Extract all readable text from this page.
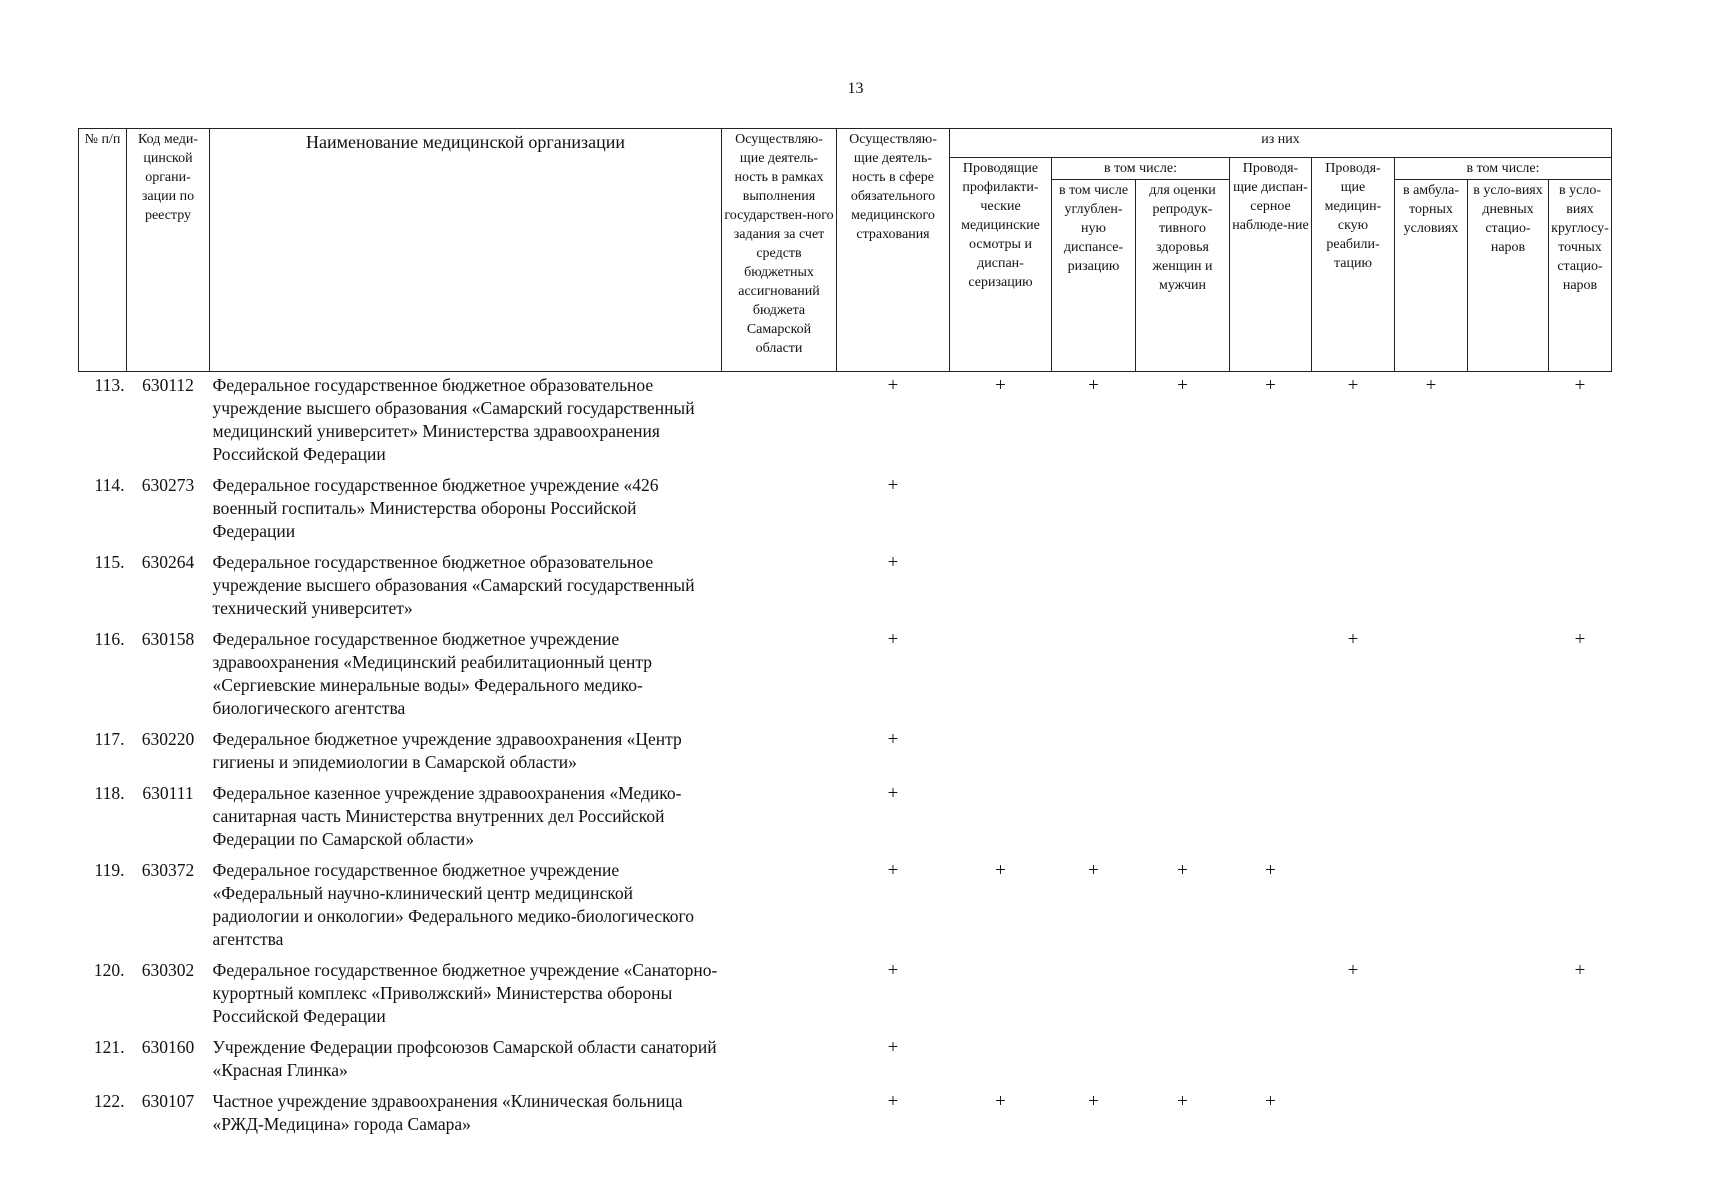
13
№ п/п	Код меди-цинской органи-зации по реестру	Наименование медицинской организации	Осуществляю-щие деятель-ность в рамках выполнения государствен-ного задания за счет средств бюджетных ассигнований бюджета Самарской области	Осуществляю-щие деятель-ность в сфере обязательного медицинского страхования	из них							
					Проводящие профилакти-ческие медицинские осмотры и диспан-серизацию	в том числе:		Проводя-щие диспан-серное наблюде-ние	Проводя-щие медицин-скую реабили-тацию	в том числе:		
						в том числе углублен-ную диспансе-ризацию	для оценки репродук-тивного здоровья женщин и мужчин			в амбула-торных условиях	в усло-виях дневных стацио-наров	в усло-виях круглосу-точных стацио-наров
113.	630112	Федеральное государственное бюджетное образовательное учреждение высшего образования «Самарский государственный медицинский университет» Министерства здравоохранения Российской Федерации		+	+	+	+	+	+	+		+
114.	630273	Федеральное государственное бюджетное учреждение «426 военный госпиталь» Министерства обороны Российской Федерации		+								
115.	630264	Федеральное государственное бюджетное образовательное учреждение высшего образования «Самарский государственный технический университет»		+								
116.	630158	Федеральное государственное бюджетное учреждение здравоохранения «Медицинский реабилитационный центр «Сергиевские минеральные воды» Федерального медико-биологического агентства		+					+			+
117.	630220	Федеральное бюджетное учреждение здравоохранения «Центр гигиены и эпидемиологии в Самарской области»		+								
118.	630111	Федеральное казенное учреждение здравоохранения «Медико-санитарная часть Министерства внутренних дел Российской Федерации по Самарской области»		+								
119.	630372	Федеральное государственное бюджетное учреждение «Федеральный научно-клинический центр медицинской радиологии и онкологии» Федерального медико-биологического агентства		+	+	+	+	+				
120.	630302	Федеральное государственное бюджетное учреждение «Санаторно-курортный комплекс «Приволжский» Министерства обороны Российской Федерации		+					+			+
121.	630160	Учреждение Федерации профсоюзов Самарской области санаторий «Красная Глинка»		+								
122.	630107	Частное учреждение здравоохранения «Клиническая больница «РЖД-Медицина» города Самара»		+	+	+	+	+				
